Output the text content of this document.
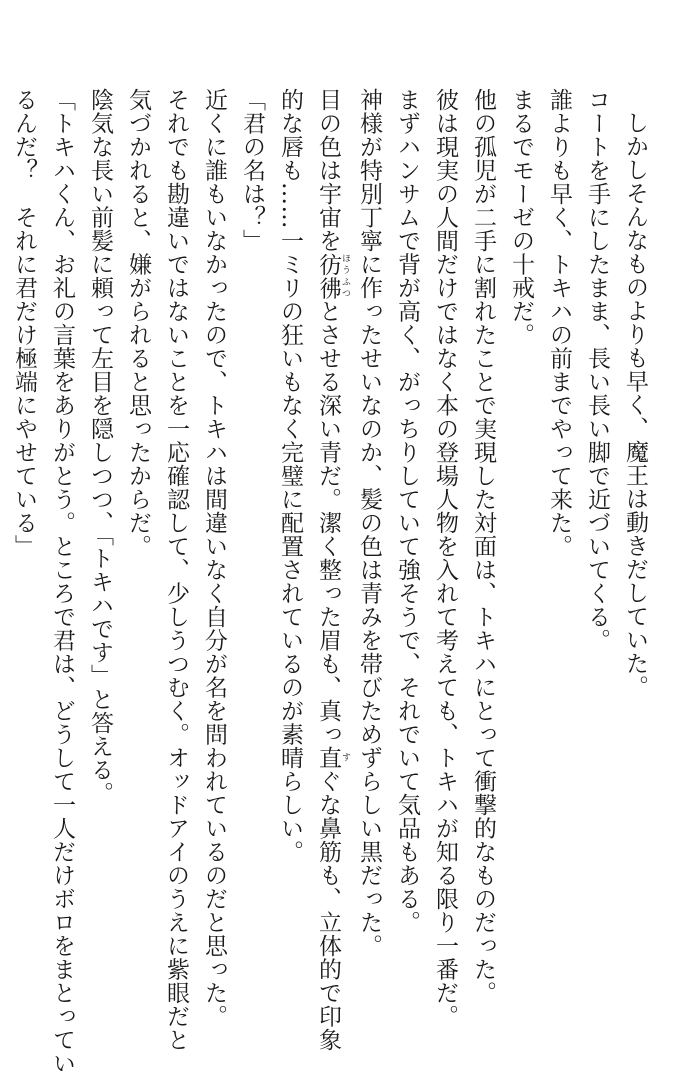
しかしそんなものよりも早く、魔王は動きだしていた。
コートを手にしたまま、長い長い脚で近づいてくる。
誰よりも早く、トキハの前までやって来た。
まるでモーゼの十戒だ。
他の孤児が二手に割れたことで実現した対面は、トキハにとって衝撃的なものだった。
彼は現実の人間だけではなく本の登場人物を入れて考えても、トキハが知る限り一番だ。
まずハンサムで背が高く、がっちりしていて強そうで、それでいて気品もある。
神様が特別丁寧に作ったせいなのか、髪の色は青みを帯びためずらしい黒だった。
目の色は宇宙を彷彿 ほうふつとさせる深い青だ。潔く整った眉も、真っ直 すぐな鼻筋も、立体的で印象
的な唇も……一ミリの狂いもなく完璧に配置されているのが素晴らしい。
「君の名は？」
近くに誰もいなかったので、トキハは間違いなく自分が名を問われているのだと思った。
それでも勘違いではないことを一応確認して、少しうつむく。オッドアイのうえに紫眼だと
気づかれると、嫌がられると思ったからだ。
陰気な長い前髪に頼って左目を隠しつつ、「トキハです」と答える。
「トキハくん、お礼の言葉をありがとう。ところで君は、どうして一人だけボロをまとってい
るんだ？　それに君だけ極端にやせている」
